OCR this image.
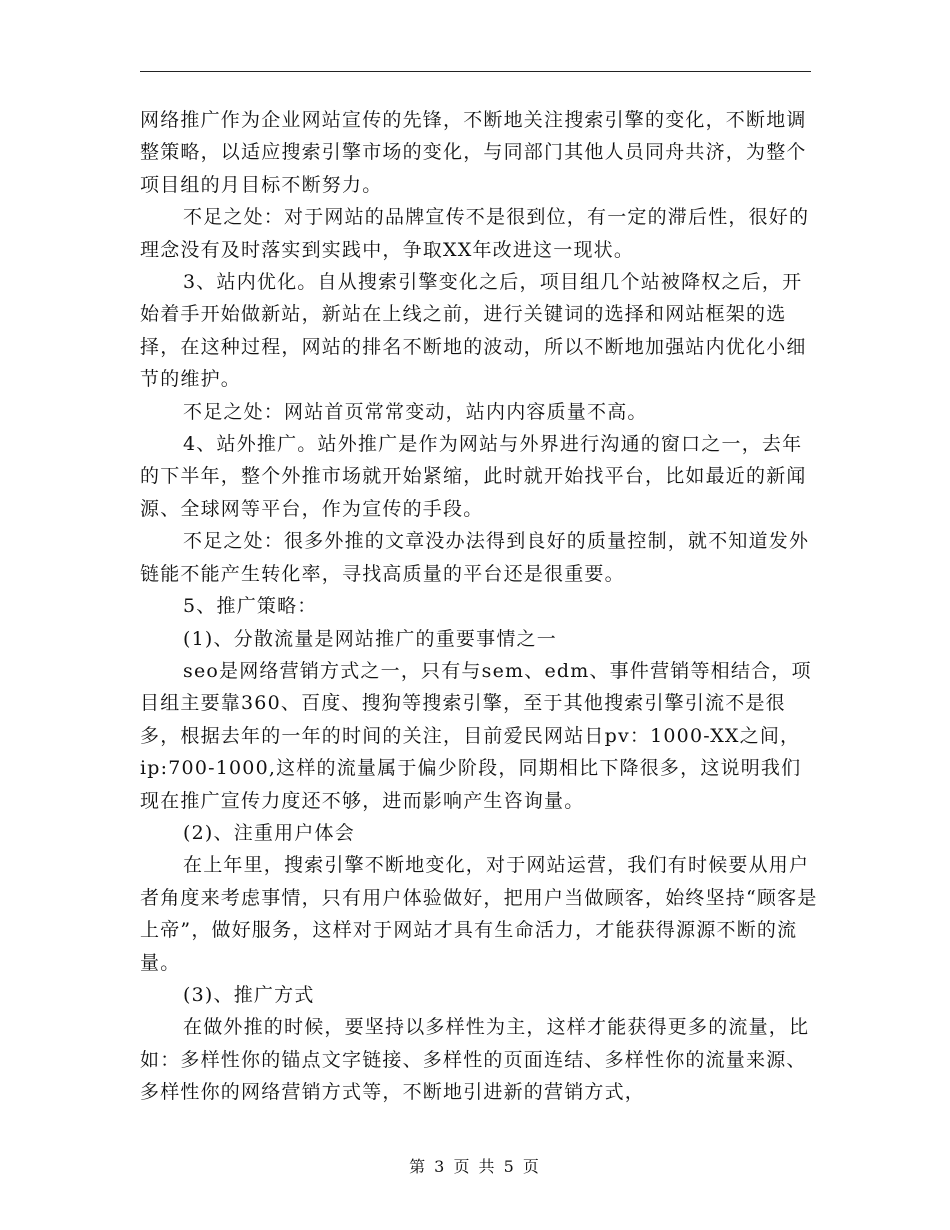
网络推广作为企业网站宣传的先锋，不断地关注搜索引擎的变化，不断地调整策略，以适应搜索引擎市场的变化，与同部门其他人员同舟共济，为整个项目组的月目标不断努力。

不足之处：对于网站的品牌宣传不是很到位，有一定的滞后性，很好的理念没有及时落实到实践中，争取XX年改进这一现状。

3、站内优化。自从搜索引擎变化之后，项目组几个站被降权之后，开始着手开始做新站，新站在上线之前，进行关键词的选择和网站框架的选择，在这种过程，网站的排名不断地的波动，所以不断地加强站内优化小细节的维护。

不足之处：网站首页常常变动，站内内容质量不高。

4、站外推广。站外推广是作为网站与外界进行沟通的窗口之一，去年的下半年，整个外推市场就开始紧缩，此时就开始找平台，比如最近的新闻源、全球网等平台，作为宣传的手段。

不足之处：很多外推的文章没办法得到良好的质量控制，就不知道发外链能不能产生转化率，寻找高质量的平台还是很重要。

5、推广策略：

(1)、分散流量是网站推广的重要事情之一

seo是网络营销方式之一，只有与sem、edm、事件营销等相结合，项目组主要靠360、百度、搜狗等搜索引擎，至于其他搜索引擎引流不是很多，根据去年的一年的时间的关注，目前爱民网站日pv：1000-XX之间，ip:700-1000,这样的流量属于偏少阶段，同期相比下降很多，这说明我们现在推广宣传力度还不够，进而影响产生咨询量。

(2)、注重用户体会

在上年里，搜索引擎不断地变化，对于网站运营，我们有时候要从用户者角度来考虑事情，只有用户体验做好，把用户当做顾客，始终坚持“顾客是上帝”，做好服务，这样对于网站才具有生命活力，才能获得源源不断的流量。

(3)、推广方式

在做外推的时候，要坚持以多样性为主，这样才能获得更多的流量，比如：多样性你的锚点文字链接、多样性的页面连结、多样性你的流量来源、多样性你的网络营销方式等，不断地引进新的营销方式，

第 3 页 共 5 页
